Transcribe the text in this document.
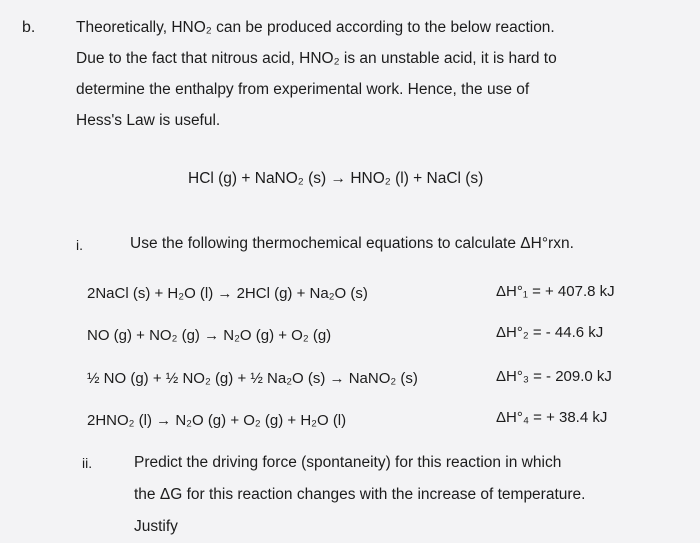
b.	Theoretically, HNO₂ can be produced according to the below reaction.
Due to the fact that nitrous acid, HNO₂ is an unstable acid, it is hard to
determine the enthalpy from experimental work. Hence, the use of
Hess's Law is useful.
HCl (g) + NaNO₂ (s) → HNO₂ (l) + NaCl (s)
i.	Use the following thermochemical equations to calculate ΔH°rxn.
2NaCl (s) + H₂O (l) → 2HCl (g) + Na₂O (s)	ΔH°₁ = + 407.8 kJ
NO (g) + NO₂ (g) → N₂O (g) + O₂ (g)	ΔH°₂ = - 44.6 kJ
½ NO (g) + ½ NO₂ (g) + ½ Na₂O (s) → NaNO₂ (s)	ΔH°₃ = - 209.0 kJ
2HNO₂ (l) → N₂O (g) + O₂ (g) + H₂O (l)	ΔH°₄ = + 38.4 kJ
ii.	Predict the driving force (spontaneity) for this reaction in which
the ΔG for this reaction changes with the increase of temperature.
Justify
